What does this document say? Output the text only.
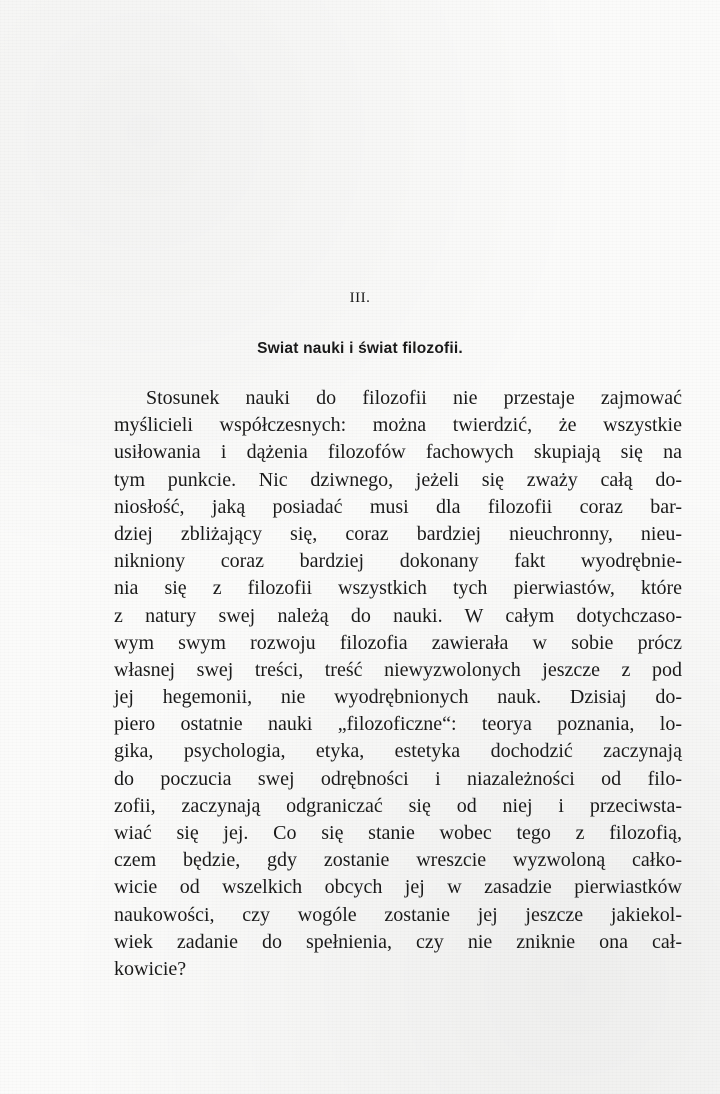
III.
Swiat nauki i świat filozofii.
Stosunek nauki do filozofii nie przestaje zajmować
myślicieli współczesnych: można twierdzić, że wszystkie
usiłowania i dążenia filozofów fachowych skupiają się na
tym punkcie. Nic dziwnego, jeżeli się zważy całą do-
niosłość, jaką posiadać musi dla filozofii coraz bar-
dziej zbliżający się, coraz bardziej nieuchronny, nieu-
nikniony coraz bardziej dokonany fakt wyodrębnie-
nia się z filozofii wszystkich tych pierwiastów, które
z natury swej należą do nauki. W całym dotychczaso-
wym swym rozwoju filozofia zawierała w sobie prócz
własnej swej treści, treść niewyzwolonych jeszcze z pod
jej hegemonii, nie wyodrębnionych nauk. Dzisiaj do-
piero ostatnie nauki „filozoficzne“: teorya poznania, lo-
gika, psychologia, etyka, estetyka dochodzić zaczynają
do poczucia swej odrębności i niazależności od filo-
zofii, zaczynają odgraniczać się od niej i przeciwsta-
wiać się jej. Co się stanie wobec tego z filozofią,
czem będzie, gdy zostanie wreszcie wyzwoloną całko-
wicie od wszelkich obcych jej w zasadzie pierwiastków
naukowości, czy wogóle zostanie jej jeszcze jakiekol-
wiek zadanie do spełnienia, czy nie zniknie ona cał-
kowicie?
